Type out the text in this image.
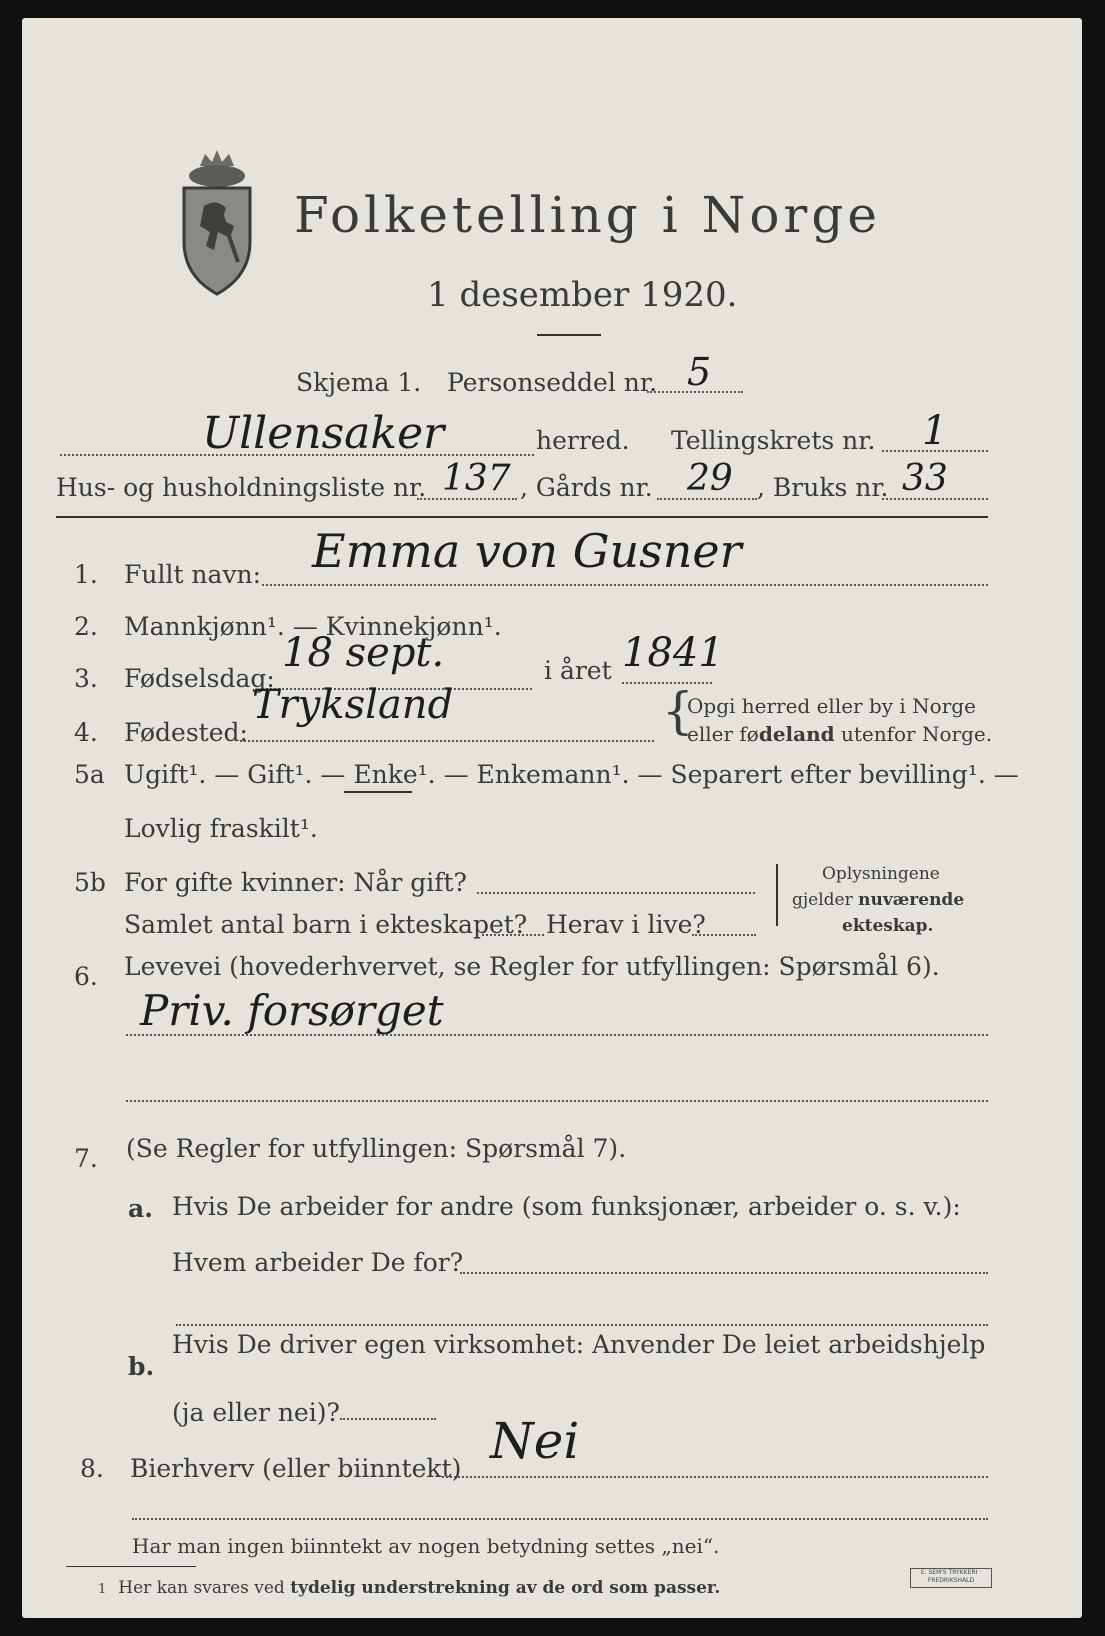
Folketelling i Norge
1 desember 1920.
Skjema 1. Personseddel nr. 5
Ullensaker	herred. Tellingskrets nr. 1
Hus- og husholdningsliste nr. 137 , Gårds nr. 29 , Bruks nr. 33
1. Fullt navn: Emma von Gusner
2. Mannkjønn¹. — Kvinnekjønn¹.
3. Fødselsdag:
18 sept.	i året 1841
4. Fødested:
Tryksland	{
Opgi herred eller by i Norge
eller fødeland utenfor Norge.
5a Ugift¹. — Gift¹. — Enke¹. — Enkemann¹. — Separert efter bevilling¹. —
Lovlig fraskilt¹.
5b For gifte kvinner: Når gift?
Samlet antal barn i ekteskapet? Herav i live?
Oplysningene
gjelder nuværende
ekteskap.
6. Levevei (hovederhvervet, se Regler for utfyllingen: Spørsmål 6).
Priv. forsørget
7. (Se Regler for utfyllingen: Spørsmål 7).
a. Hvis De arbeider for andre (som funksjonær, arbeider o. s. v.):
Hvem arbeider De for?
b.
Hvis De driver egen virksomhet: Anvender De leiet arbeidshjelp
(ja eller nei)?
8. Bierhverv (eller biinntekt) Nei
Har man ingen biinntekt av nogen betydning settes „nei“.
1 Her kan svares ved tydelig understrekning av de ord som passer.
E. SEM'S TRYKKERI · FREDRIKSHALD
